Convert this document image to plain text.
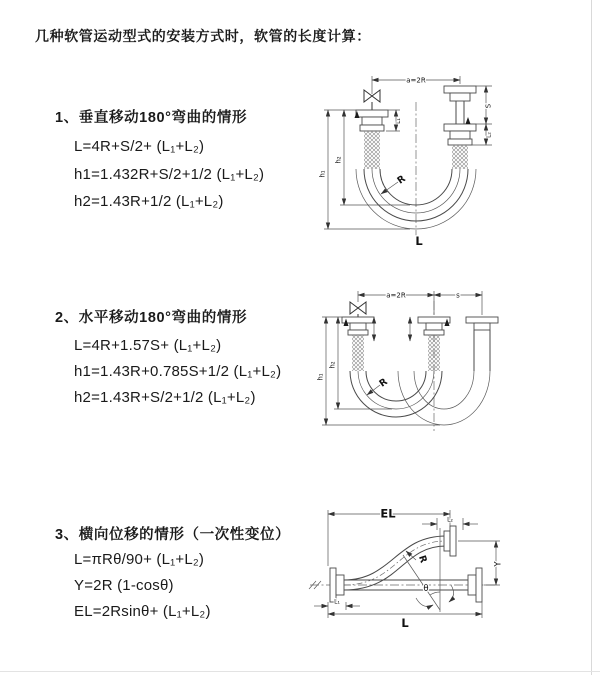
几种软管运动型式的安装方式时，软管的长度计算：
1、垂直移动180°弯曲的情形
L=4R+S/2+ (L₁+L₂)
h1=1.432R+S/2+1/2 (L₁+L₂)
h2=1.43R+1/2 (L₁+L₂)
2、水平移动180°弯曲的情形
L=4R+1.57S+ (L₁+L₂)
h1=1.43R+0.785S+1/2 (L₁+L₂)
h2=1.43R+S/2+1/2 (L₁+L₂)
3、横向位移的情形（一次性变位）
L=πRθ/90+ (L₁+L₂)
Y=2R (1-cosθ)
EL=2Rsinθ+ (L₁+L₂)
a=2R
h₁
h₂
L₁
S
L₂
R
L
a=2R	s
h₁
h₂
R
EL	L₂
Y
L
L₁
θ
R
